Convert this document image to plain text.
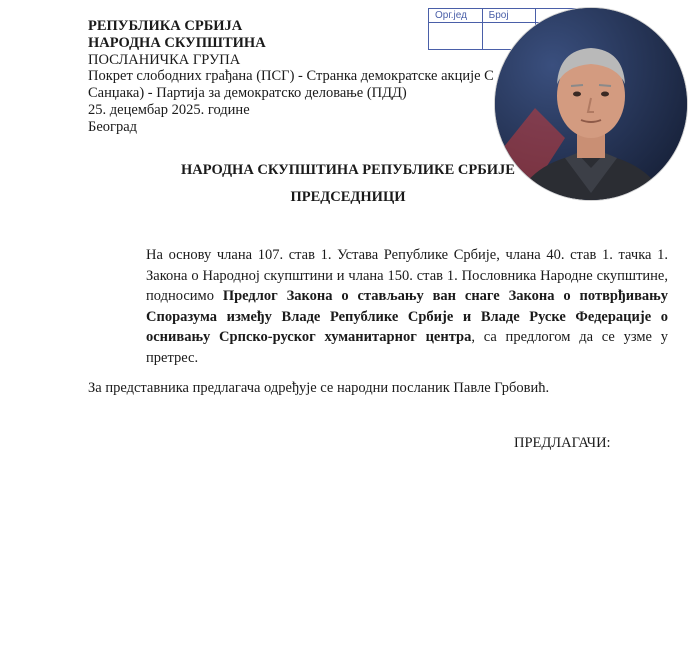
РЕПУБЛИКА СРБИЈА
НАРОДНА СКУПШТИНА
ПОСЛАНИЧКА ГРУПА
Покрет слободних грађана (ПСГ) - Странка демократске акције С
Санџака) - Партија за демократско деловање (ПДД)
25. децембар 2025. године
Београд
Орг.јед	Број
НАРОДНА СКУПШТИНА РЕПУБЛИКЕ СРБИЈЕ
ПРЕДСЕДНИЦИ
На основу члана 107. став 1. Устава Републике Србије, члана 40. став 1. тачка 1. Закона о Народној скупштини и члана 150. став 1. Пословника Народне скупштине, подносимо Предлог Закона о стављању ван снаге Закона о потврђивању Споразума између Владе Републике Србије и Владе Руске Федерације о оснивању Српско-руског хуманитарног центра, са предлогом да се узме у претрес.
За представника предлагача одређује се народни посланик Павле Грбовић.
ПРЕДЛАГАЧИ:
